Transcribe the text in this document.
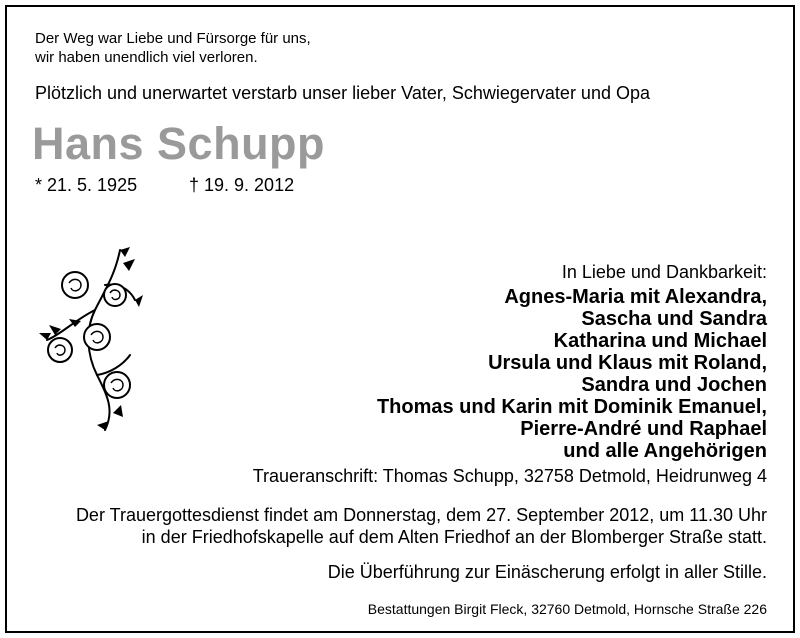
Der Weg war Liebe und Fürsorge für uns,
wir haben unendlich viel verloren.
Plötzlich und unerwartet verstarb unser lieber Vater, Schwiegervater und Opa
Hans Schupp
* 21. 5. 1925	† 19. 9. 2012
In Liebe und Dankbarkeit:
Agnes-Maria mit Alexandra,
Sascha und Sandra
Katharina und Michael
Ursula und Klaus mit Roland,
Sandra und Jochen
Thomas und Karin mit Dominik Emanuel,
Pierre-André und Raphael
und alle Angehörigen
Traueranschrift: Thomas Schupp, 32758 Detmold, Heidrunweg 4
Der Trauergottesdienst findet am Donnerstag, dem 27. September 2012, um 11.30 Uhr
in der Friedhofskapelle auf dem Alten Friedhof an der Blomberger Straße statt.
Die Überführung zur Einäscherung erfolgt in aller Stille.
Bestattungen Birgit Fleck, 32760 Detmold, Hornsche Straße 226
